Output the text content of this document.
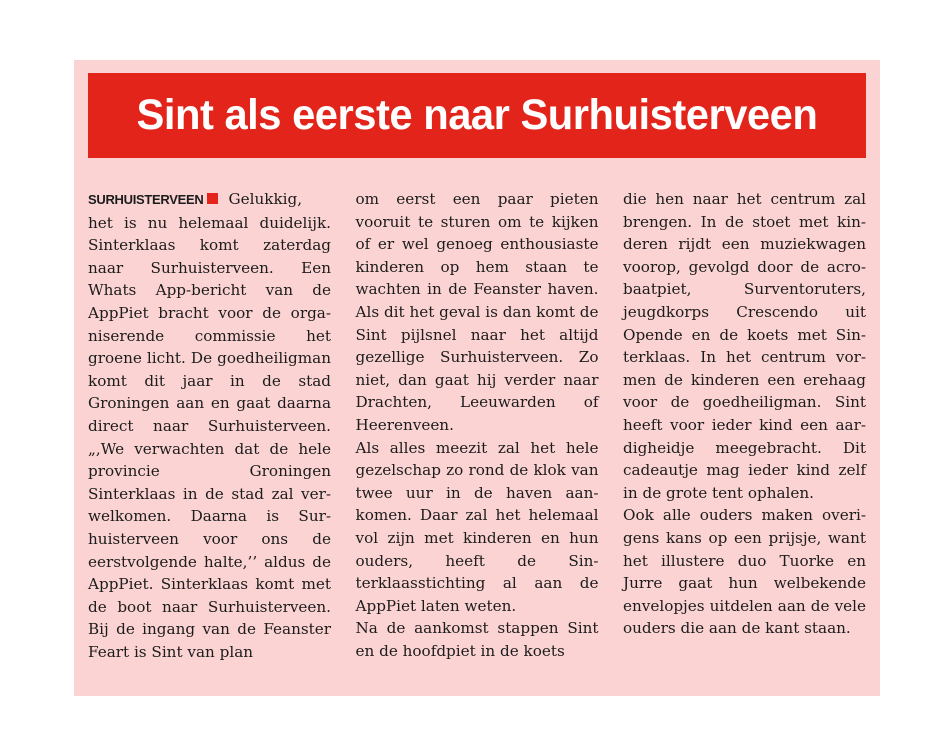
Sint als eerste naar Surhuisterveen

SURHUISTERVEEN Gelukkig, het is nu helemaal duidelijk. Sinterklaas komt zaterdag naar Surhuisterveen. Een Whats App-bericht van de AppPiet bracht voor de organiserende commissie het groene licht. De goedheiligman komt dit jaar in de stad Groningen aan en gaat daarna direct naar Surhuisterveen. „,We verwachten dat de hele provincie Groningen Sinterklaas in de stad zal verwelkomen. Daarna is Surhuisterveen voor ons de eerstvolgende halte,’’ aldus de AppPiet. Sinterklaas komt met de boot naar Surhuisterveen. Bij de ingang van de Feanster Feart is Sint van plan

om eerst een paar pieten vooruit te sturen om te kijken of er wel genoeg enthousiaste kinderen op hem staan te wachten in de Feanster haven. Als dit het geval is dan komt de Sint pijlsnel naar het altijd gezellige Surhuisterveen. Zo niet, dan gaat hij verder naar Drachten, Leeuwarden of Heerenveen.

Als alles meezit zal het hele gezelschap zo rond de klok van twee uur in de haven aankomen. Daar zal het helemaal vol zijn met kinderen en hun ouders, heeft de Sinterklaasstichting al aan de AppPiet laten weten.

Na de aankomst stappen Sint en de hoofdpiet in de koets

die hen naar het centrum zal brengen. In de stoet met kinderen rijdt een muziekwagen voorop, gevolgd door de acrobaatpiet, Surventoruters, jeugdkorps Crescendo uit Opende en de koets met Sinterklaas. In het centrum vormen de kinderen een erehaag voor de goedheiligman. Sint heeft voor ieder kind een aardigheidje meegebracht. Dit cadeautje mag ieder kind zelf in de grote tent ophalen.

Ook alle ouders maken overigens kans op een prijsje, want het illustere duo Tuorke en Jurre gaat hun welbekende envelopjes uitdelen aan de vele ouders die aan de kant staan.
